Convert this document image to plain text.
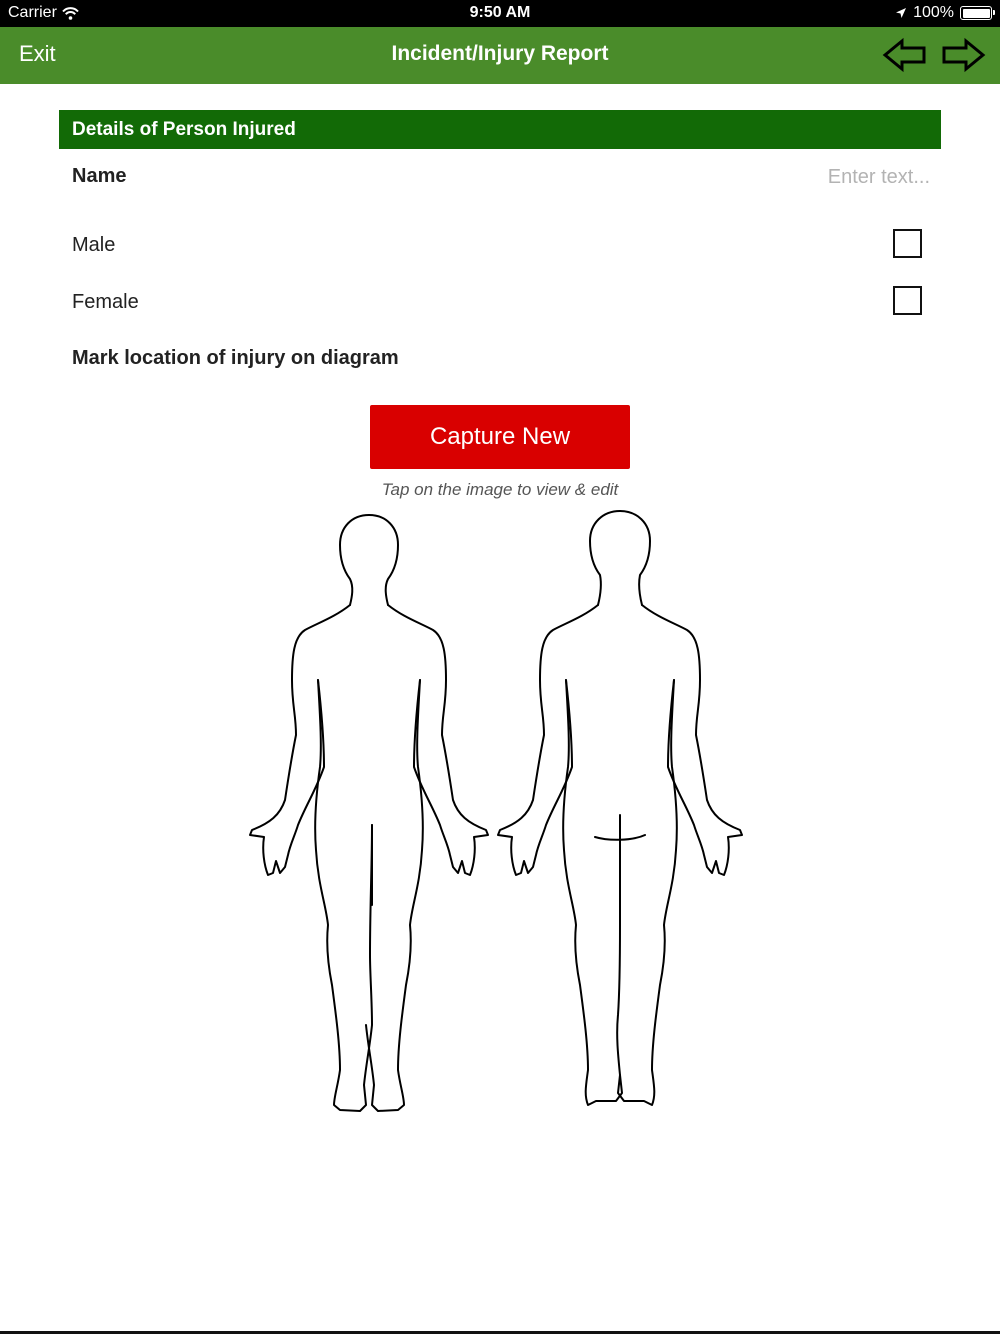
Carrier	9:50 AM	100%
Exit	Incident/Injury Report
Details of Person Injured
Name
Enter text...
Male
Female
Mark location of injury on diagram
Capture New
Tap on the image to view & edit
